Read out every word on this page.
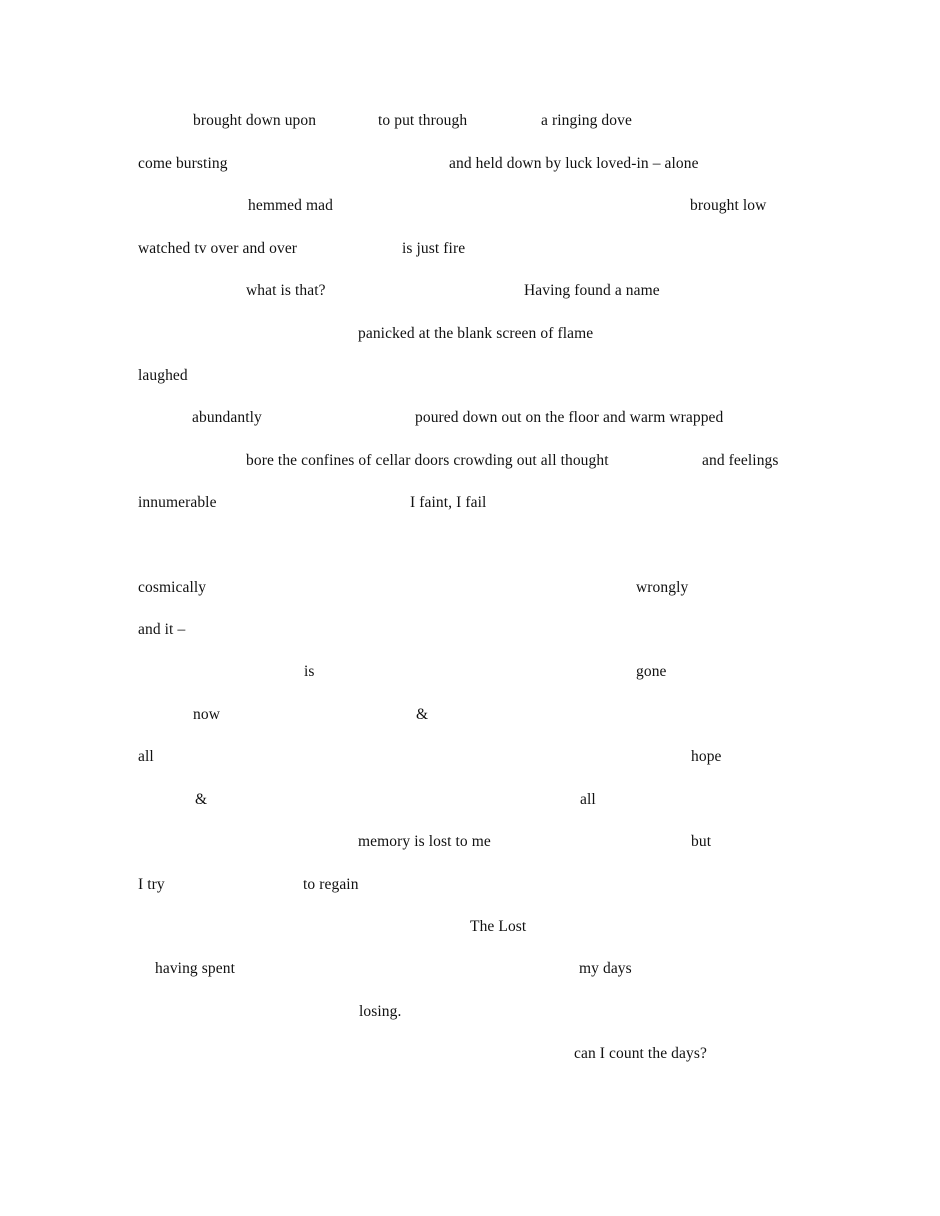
brought down upon	to put through	a ringing dove
come bursting	and held down by luck loved-in – alone
hemmed mad	brought low
watched tv over and over	is just fire
what is that?	Having found a name
panicked at the blank screen of flame
laughed
abundantly	poured down out on the floor and warm wrapped
bore the confines of cellar doors crowding out all thought	and feelings
innumerable	I faint, I fail
cosmically	wrongly
and it –
is	gone
now	&
all	hope
&	all
memory is lost to me	but
I try	to regain
The Lost
having spent	my days
losing.
can I count the days?
